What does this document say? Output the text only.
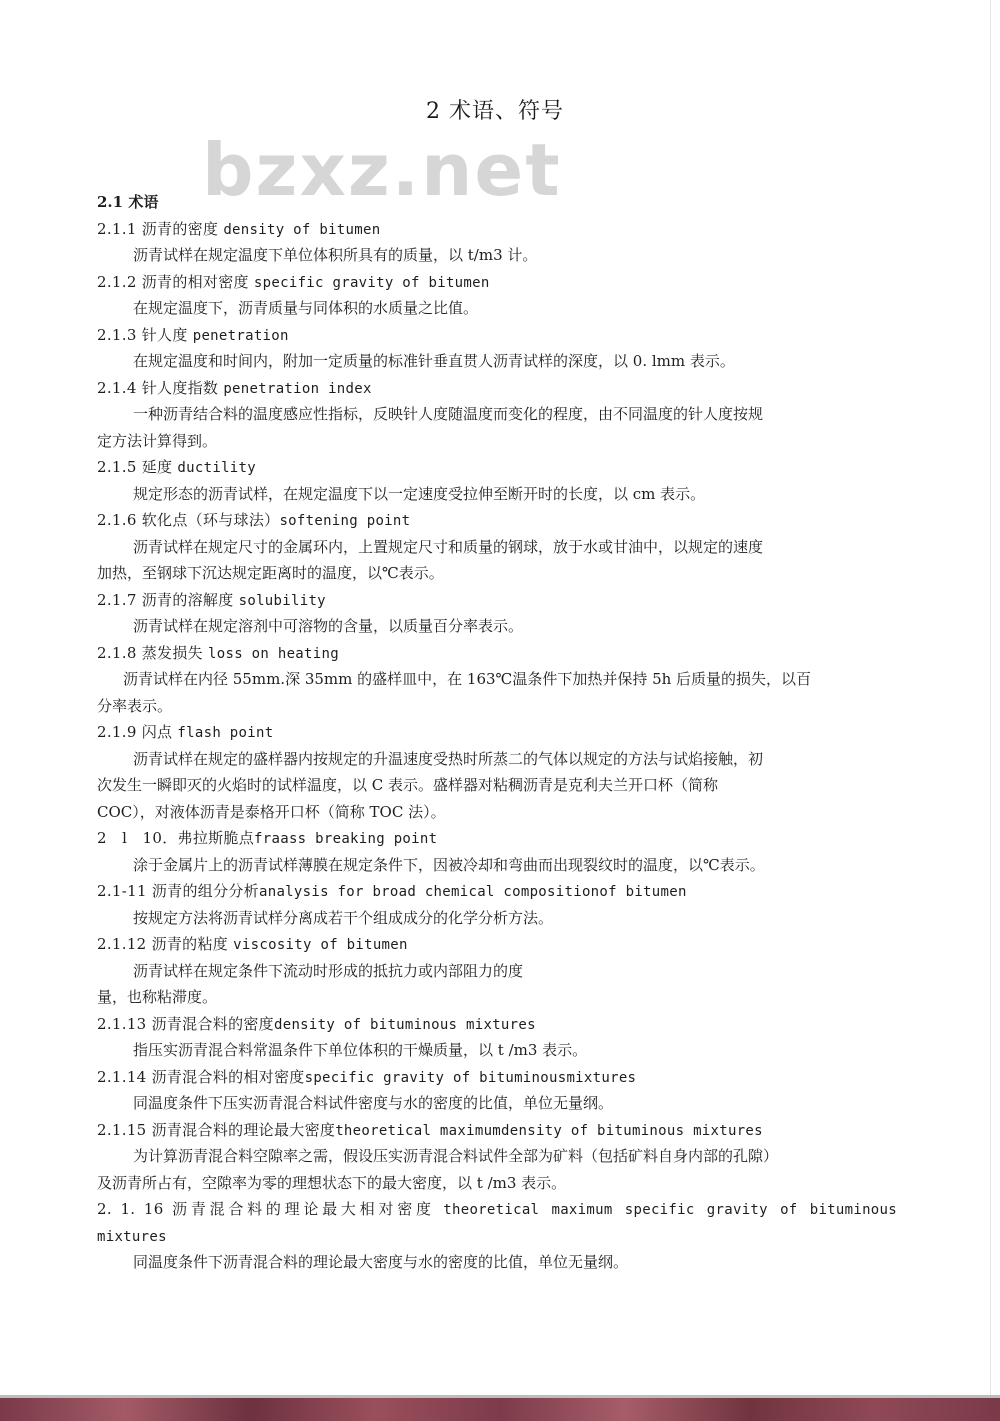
2 术语、符号
bzxz.net
2.1 术语
2.1.1 沥青的密度 density of bitumen
沥青试样在规定温度下单位体积所具有的质量，以 t/m3 计。
2.1.2 沥青的相对密度 specific gravity of bitumen
在规定温度下，沥青质量与同体积的水质量之比值。
2.1.3 针人度 penetration
在规定温度和时间内，附加一定质量的标准针垂直贯人沥青试样的深度，以 0. lmm 表示。
2.1.4 针人度指数 penetration index
一种沥青结合料的温度感应性指标，反映针人度随温度而变化的程度，由不同温度的针人度按规
定方法计算得到。
2.1.5 延度 ductility
规定形态的沥青试样，在规定温度下以一定速度受拉伸至断开时的长度，以 cm 表示。
2.1.6 软化点（环与球法）softening point
沥青试样在规定尺寸的金属环内，上置规定尺寸和质量的钢球，放于水或甘油中，以规定的速度
加热，至钢球下沉达规定距离时的温度，以℃表示。
2.1.7 沥青的溶解度 solubility
沥青试样在规定溶剂中可溶物的含量，以质量百分率表示。
2.1.8 蒸发损失 loss on heating
沥青试样在内径 55mm.深 35mm 的盛样皿中，在 163℃温条件下加热并保持 5h 后质量的损失，以百
分率表示。
2.1.9 闪点 flash point
沥青试样在规定的盛样器内按规定的升温速度受热时所蒸二的气体以规定的方法与试焰接触，初
次发生一瞬即灭的火焰时的试样温度，以 C 表示。盛样器对粘稠沥青是克利夫兰开口杯（简称
COC），对液体沥青是泰格开口杯（简称 TOC 法）。
2　l　10．弗拉斯脆点fraass breaking point
涂于金属片上的沥青试样薄膜在规定条件下，因被冷却和弯曲而出现裂纹时的温度，以℃表示。
2.1-11 沥青的组分分析analysis for broad chemical compositionof bitumen
按规定方法将沥青试样分离成若干个组成成分的化学分析方法。
2.1.12 沥青的粘度 viscosity of bitumen
沥青试样在规定条件下流动时形成的抵抗力或内部阻力的度
量，也称粘滞度。
2.1.13 沥青混合料的密度density of bituminous mixtures
指压实沥青混合料常温条件下单位体积的干燥质量，以 t /m3 表示。
2.1.14 沥青混合料的相对密度specific gravity of bituminousmixtures
同温度条件下压实沥青混合料试件密度与水的密度的比值，单位无量纲。
2.1.15 沥青混合料的理论最大密度theoretical maximumdensity of bituminous mixtures
为计算沥青混合料空隙率之需，假设压实沥青混合料试件全部为矿料（包括矿料自身内部的孔隙）
及沥青所占有，空隙率为零的理想状态下的最大密度，以 t /m3 表示。
2. 1. 16 沥青混合料的理论最大相对密度 theoretical maximum specific gravity of bituminous
mixtures
同温度条件下沥青混合料的理论最大密度与水的密度的比值，单位无量纲。
